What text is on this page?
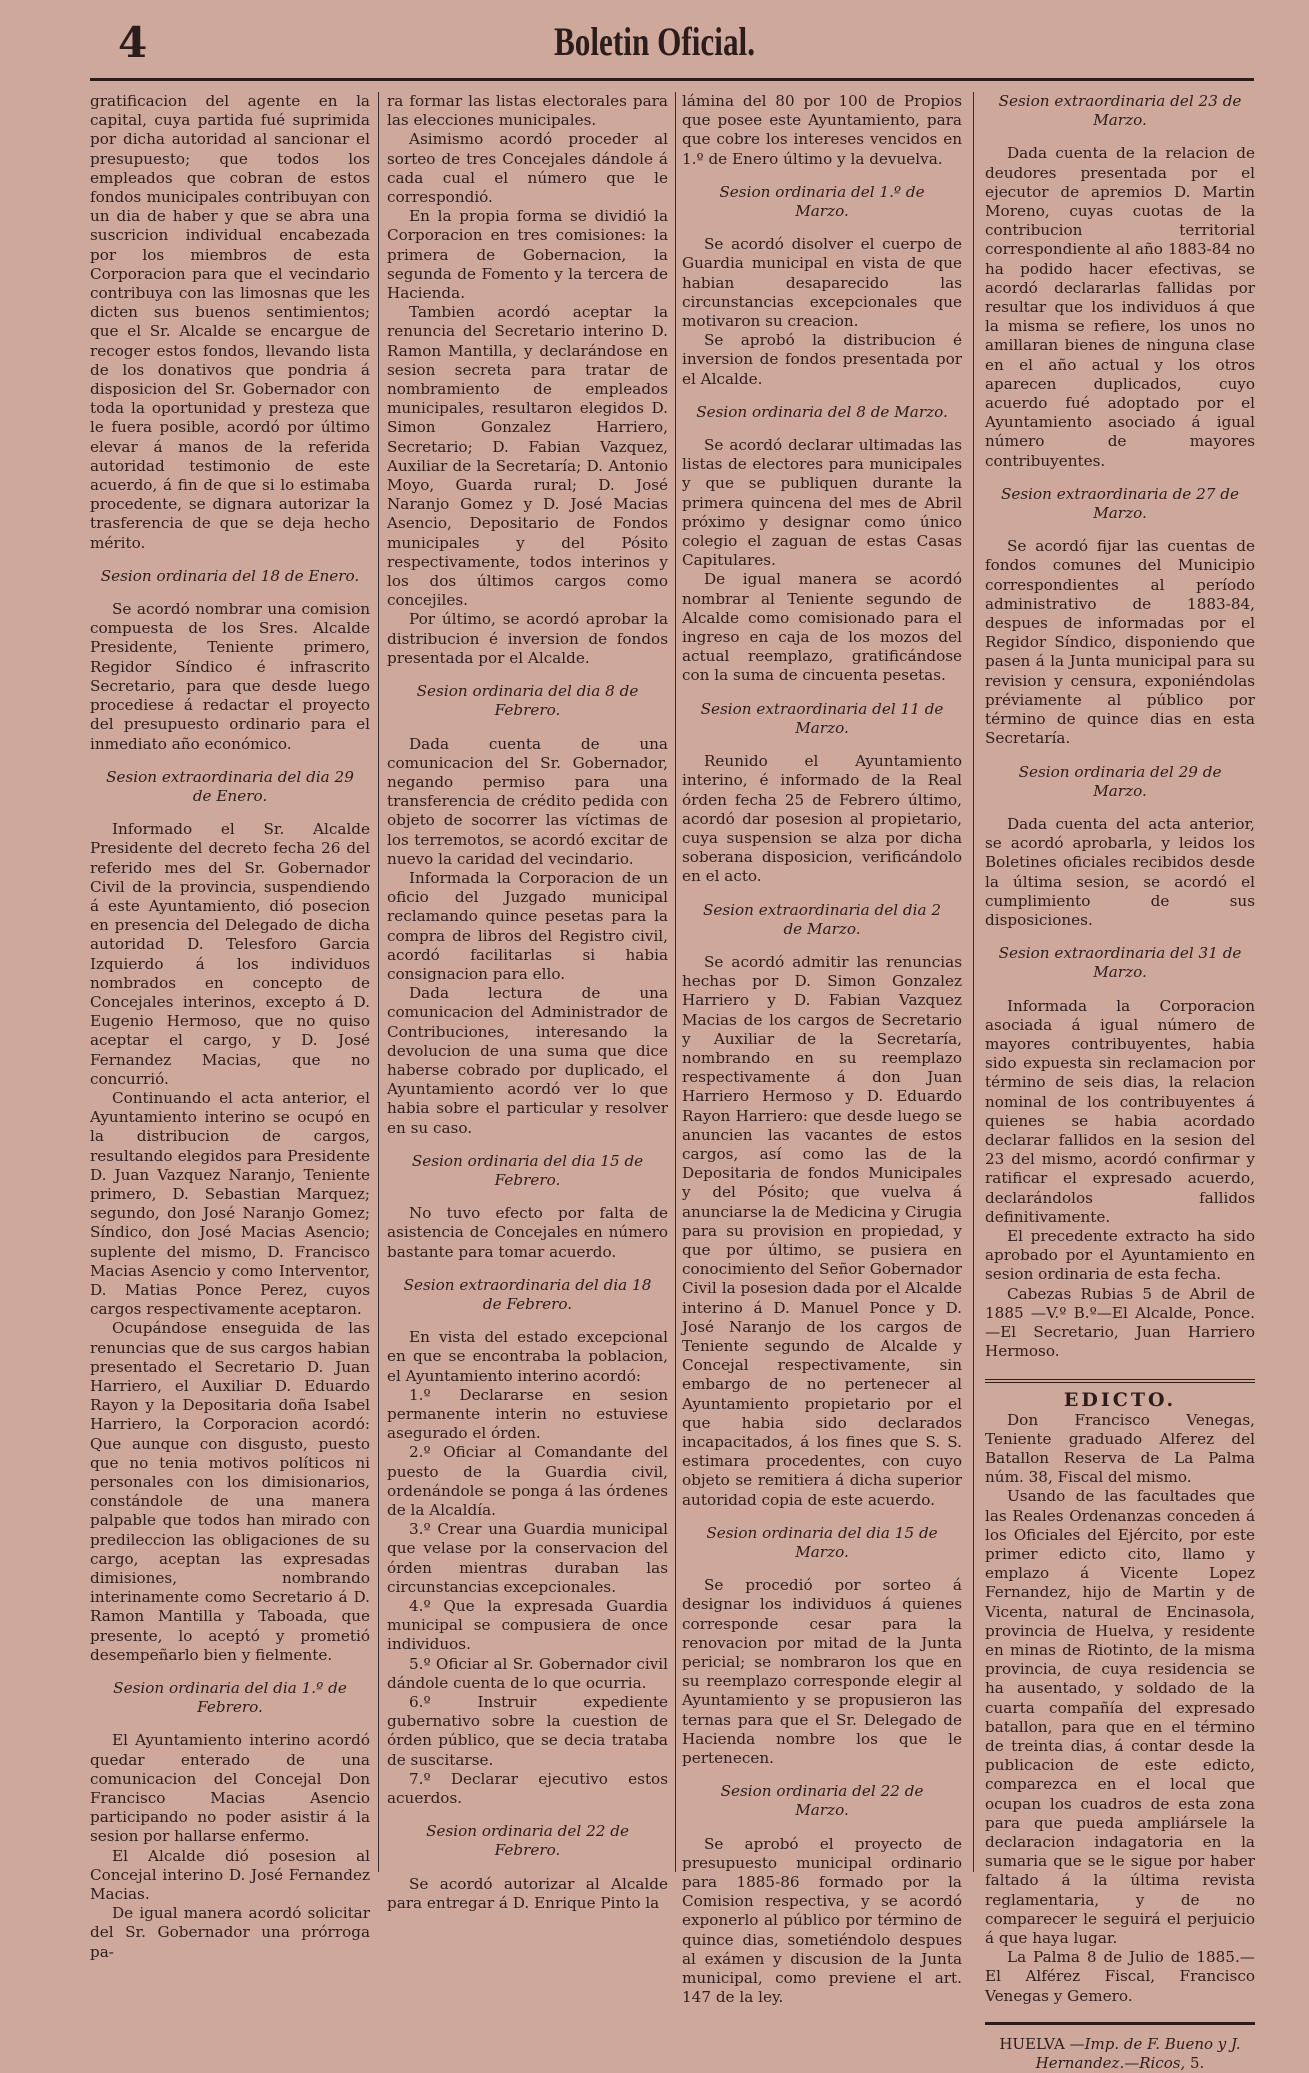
4	Boletin Oficial.

gratificacion del agente en la capital, cuya partida fué suprimida por dicha autoridad al sancionar el presupuesto; que todos los empleados que cobran de estos fondos municipales contribuyan con un dia de haber y que se abra una suscricion individual encabezada por los miembros de esta Corporacion para que el vecindario contribuya con las limosnas que les dicten sus buenos sentimientos; que el Sr. Alcalde se encargue de recoger estos fondos, llevando lista de los donativos que pondria á disposicion del Sr. Gobernador con toda la oportunidad y presteza que le fuera posible, acordó por último elevar á manos de la referida autoridad testimonio de este acuerdo, á fin de que si lo estimaba procedente, se dignara autorizar la trasferencia de que se deja hecho mérito.

Sesion ordinaria del 18 de Enero.

Se acordó nombrar una comision compuesta de los Sres. Alcalde Presidente, Teniente primero, Regidor Síndico é infrascrito Secretario, para que desde luego procediese á redactar el proyecto del presupuesto ordinario para el inmediato año económico.

Sesion extraordinaria del dia 29 de Enero.

Informado el Sr. Alcalde Presidente del decreto fecha 26 del referido mes del Sr. Gobernador Civil de la provincia, suspendiendo á este Ayuntamiento, dió posecion en presencia del Delegado de dicha autoridad D. Telesforo Garcia Izquierdo á los individuos nombrados en concepto de Concejales interinos, excepto á D. Eugenio Hermoso, que no quiso aceptar el cargo, y D. José Fernandez Macias, que no concurrió.

Continuando el acta anterior, el Ayuntamiento interino se ocupó en la distribucion de cargos, resultando elegidos para Presidente D. Juan Vazquez Naranjo, Teniente primero, D. Sebastian Marquez; segundo, don José Naranjo Gomez; Síndico, don José Macias Asencio; suplente del mismo, D. Francisco Macias Asencio y como Interventor, D. Matias Ponce Perez, cuyos cargos respectivamente aceptaron.

Ocupándose enseguida de las renuncias que de sus cargos habian presentado el Secretario D. Juan Harriero, el Auxiliar D. Eduardo Rayon y la Depositaria doña Isabel Harriero, la Corporacion acordó: Que aunque con disgusto, puesto que no tenia motivos políticos ni personales con los dimisionarios, constándole de una manera palpable que todos han mirado con predileccion las obligaciones de su cargo, aceptan las expresadas dimisiones, nombrando interinamente como Secretario á D. Ramon Mantilla y Taboada, que presente, lo aceptó y prometió desempeñarlo bien y fielmente.

Sesion ordinaria del dia 1.º de Febrero.

El Ayuntamiento interino acordó quedar enterado de una comunicacion del Concejal Don Francisco Macias Asencio participando no poder asistir á la sesion por hallarse enfermo.

El Alcalde dió posesion al Concejal interino D. José Fernandez Macias.

De igual manera acordó solicitar del Sr. Gobernador una prórroga pa-

ra formar las listas electorales para las elecciones municipales.

Asimismo acordó proceder al sorteo de tres Concejales dándole á cada cual el número que le correspondió.

En la propia forma se dividió la Corporacion en tres comisiones: la primera de Gobernacion, la segunda de Fomento y la tercera de Hacienda.

Tambien acordó aceptar la renuncia del Secretario interino D. Ramon Mantilla, y declarándose en sesion secreta para tratar de nombramiento de empleados municipales, resultaron elegidos D. Simon Gonzalez Harriero, Secretario; D. Fabian Vazquez, Auxiliar de la Secretaría; D. Antonio Moyo, Guarda rural; D. José Naranjo Gomez y D. José Macias Asencio, Depositario de Fondos municipales y del Pósito respectivamente, todos interinos y los dos últimos cargos como concejiles.

Por último, se acordó aprobar la distribucion é inversion de fondos presentada por el Alcalde.

Sesion ordinaria del dia 8 de Febrero.

Dada cuenta de una comunicacion del Sr. Gobernador, negando permiso para una transferencia de crédito pedida con objeto de socorrer las víctimas de los terremotos, se acordó excitar de nuevo la caridad del vecindario.

Informada la Corporacion de un oficio del Juzgado municipal reclamando quince pesetas para la compra de libros del Registro civil, acordó facilitarlas si habia consignacion para ello.

Dada lectura de una comunicacion del Administrador de Contribuciones, interesando la devolucion de una suma que dice haberse cobrado por duplicado, el Ayuntamiento acordó ver lo que habia sobre el particular y resolver en su caso.

Sesion ordinaria del dia 15 de Febrero.

No tuvo efecto por falta de asistencia de Concejales en número bastante para tomar acuerdo.

Sesion extraordinaria del dia 18 de Febrero.

En vista del estado excepcional en que se encontraba la poblacion, el Ayuntamiento interino acordó:

1.º Declararse en sesion permanente interin no estuviese asegurado el órden.

2.º Oficiar al Comandante del puesto de la Guardia civil, ordenándole se ponga á las órdenes de la Alcaldía.

3.º Crear una Guardia municipal que velase por la conservacion del órden mientras duraban las circunstancias excepcionales.

4.º Que la expresada Guardia municipal se compusiera de once individuos.

5.º Oficiar al Sr. Gobernador civil dándole cuenta de lo que ocurria.

6.º Instruir expediente gubernativo sobre la cuestion de órden público, que se decia trataba de suscitarse.

7.º Declarar ejecutivo estos acuerdos.

Sesion ordinaria del 22 de Febrero.

Se acordó autorizar al Alcalde para entregar á D. Enrique Pinto la

lámina del 80 por 100 de Propios que posee este Ayuntamiento, para que cobre los intereses vencidos en 1.º de Enero último y la devuelva.

Sesion ordinaria del 1.º de Marzo.

Se acordó disolver el cuerpo de Guardia municipal en vista de que habian desaparecido las circunstancias excepcionales que motivaron su creacion.

Se aprobó la distribucion é inversion de fondos presentada por el Alcalde.

Sesion ordinaria del 8 de Marzo.

Se acordó declarar ultimadas las listas de electores para municipales y que se publiquen durante la primera quincena del mes de Abril próximo y designar como único colegio el zaguan de estas Casas Capitulares.

De igual manera se acordó nombrar al Teniente segundo de Alcalde como comisionado para el ingreso en caja de los mozos del actual reemplazo, gratificándose con la suma de cincuenta pesetas.

Sesion extraordinaria del 11 de Marzo.

Reunido el Ayuntamiento interino, é informado de la Real órden fecha 25 de Febrero último, acordó dar posesion al propietario, cuya suspension se alza por dicha soberana disposicion, verificándolo en el acto.

Sesion extraordinaria del dia 2 de Marzo.

Se acordó admitir las renuncias hechas por D. Simon Gonzalez Harriero y D. Fabian Vazquez Macias de los cargos de Secretario y Auxiliar de la Secretaría, nombrando en su reemplazo respectivamente á don Juan Harriero Hermoso y D. Eduardo Rayon Harriero: que desde luego se anuncien las vacantes de estos cargos, así como las de la Depositaria de fondos Municipales y del Pósito; que vuelva á anunciarse la de Medicina y Cirugia para su provision en propiedad, y que por último, se pusiera en conocimiento del Señor Gobernador Civil la posesion dada por el Alcalde interino á D. Manuel Ponce y D. José Naranjo de los cargos de Teniente segundo de Alcalde y Concejal respectivamente, sin embargo de no pertenecer al Ayuntamiento propietario por el que habia sido declarados incapacitados, á los fines que S. S. estimara procedentes, con cuyo objeto se remitiera á dicha superior autoridad copia de este acuerdo.

Sesion ordinaria del dia 15 de Marzo.

Se procedió por sorteo á designar los individuos á quienes corresponde cesar para la renovacion por mitad de la Junta pericial; se nombraron los que en su reemplazo corresponde elegir al Ayuntamiento y se propusieron las ternas para que el Sr. Delegado de Hacienda nombre los que le pertenecen.

Sesion ordinaria del 22 de Marzo.

Se aprobó el proyecto de presupuesto municipal ordinario para 1885-86 formado por la Comision respectiva, y se acordó exponerlo al público por término de quince dias, sometiéndolo despues al exámen y discusion de la Junta municipal, como previene el art. 147 de la ley.

Sesion extraordinaria del 23 de Marzo.

Dada cuenta de la relacion de deudores presentada por el ejecutor de apremios D. Martin Moreno, cuyas cuotas de la contribucion territorial correspondiente al año 1883-84 no ha podido hacer efectivas, se acordó declararlas fallidas por resultar que los individuos á que la misma se refiere, los unos no amillaran bienes de ninguna clase en el año actual y los otros aparecen duplicados, cuyo acuerdo fué adoptado por el Ayuntamiento asociado á igual número de mayores contribuyentes.

Sesion extraordinaria de 27 de Marzo.

Se acordó fijar las cuentas de fondos comunes del Municipio correspondientes al período administrativo de 1883-84, despues de informadas por el Regidor Síndico, disponiendo que pasen á la Junta municipal para su revision y censura, exponiéndolas préviamente al público por término de quince dias en esta Secretaría.

Sesion ordinaria del 29 de Marzo.

Dada cuenta del acta anterior, se acordó aprobarla, y leidos los Boletines oficiales recibidos desde la última sesion, se acordó el cumplimiento de sus disposiciones.

Sesion extraordinaria del 31 de Marzo.

Informada la Corporacion asociada á igual número de mayores contribuyentes, habia sido expuesta sin reclamacion por término de seis dias, la relacion nominal de los contribuyentes á quienes se habia acordado declarar fallidos en la sesion del 23 del mismo, acordó confirmar y ratificar el expresado acuerdo, declarándolos fallidos definitivamente.

El precedente extracto ha sido aprobado por el Ayuntamiento en sesion ordinaria de esta fecha.

Cabezas Rubias 5 de Abril de 1885 —V.º B.º—El Alcalde, Ponce. —El Secretario, Juan Harriero Hermoso.

EDICTO.

Don Francisco Venegas, Teniente graduado Alferez del Batallon Reserva de La Palma núm. 38, Fiscal del mismo.

Usando de las facultades que las Reales Ordenanzas conceden á los Oficiales del Ejército, por este primer edicto cito, llamo y emplazo á Vicente Lopez Fernandez, hijo de Martin y de Vicenta, natural de Encinasola, provincia de Huelva, y residente en minas de Riotinto, de la misma provincia, de cuya residencia se ha ausentado, y soldado de la cuarta compañía del expresado batallon, para que en el término de treinta dias, á contar desde la publicacion de este edicto, comparezca en el local que ocupan los cuadros de esta zona para que pueda ampliársele la declaracion indagatoria en la sumaria que se le sigue por haber faltado á la última revista reglamentaria, y de no comparecer le seguirá el perjuicio á que haya lugar.

La Palma 8 de Julio de 1885.— El Alférez Fiscal, Francisco Venegas y Gemero.

HUELVA —Imp. de F. Bueno y J. Hernandez.—Ricos, 5.
